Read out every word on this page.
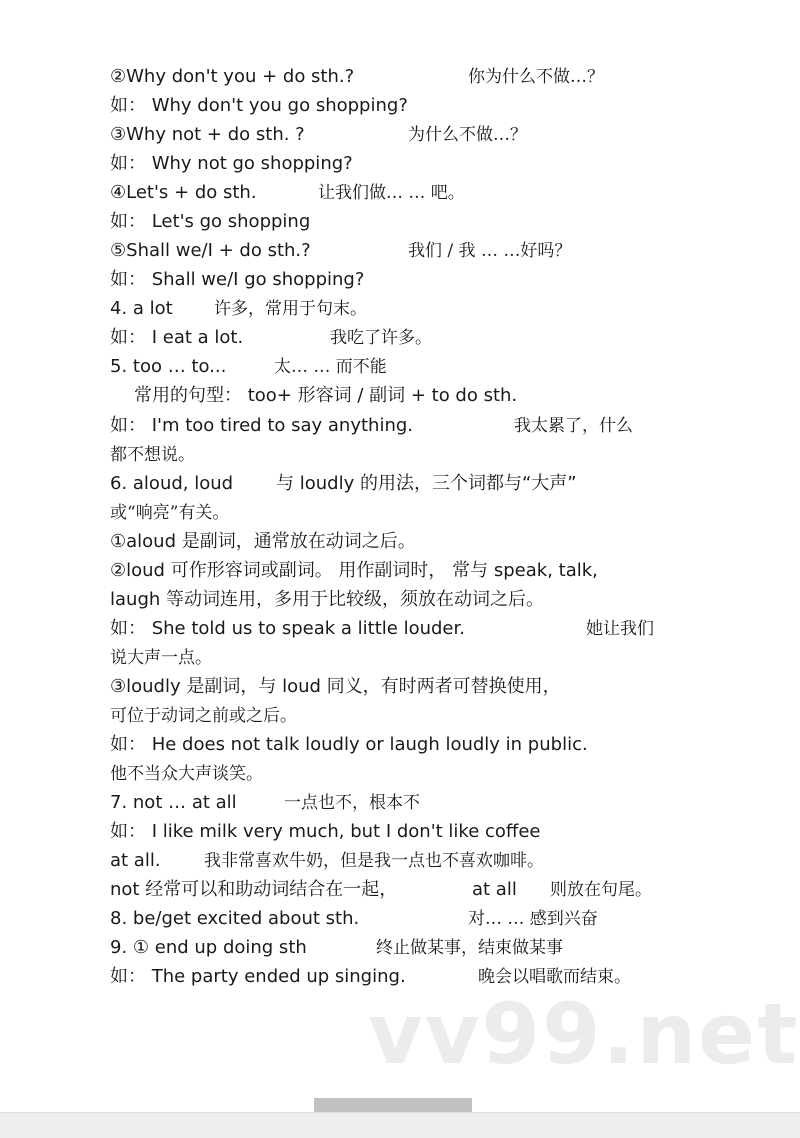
②Why don't you + do sth.?	你为什么不做…？
如： Why don't you go shopping?
③Why not + do sth. ?	为什么不做…？
如： Why not go shopping?
④Let's + do sth.	让我们做… … 吧。
如： Let's go shopping
⑤Shall we/I + do sth.?	我们 / 我 … …好吗？
如： Shall we/I go shopping?
4. a lot 许多，常用于句末。
如： I eat a lot.	我吃了许多。
5. too … to...	太… … 而不能
常用的句型： too+ 形容词 / 副词 + to do sth.
如： I'm too tired to say anything.	我太累了，什么
都不想说。
6. aloud, loud 与 loudly 的用法，三个词都与“大声”
或“响亮”有关。
①aloud 是副词，通常放在动词之后。
②loud 可作形容词或副词。 用作副词时， 常与 speak, talk,
laugh 等动词连用，多用于比较级，须放在动词之后。
如： She told us to speak a little louder.	她让我们
说大声一点。
③loudly 是副词，与 loud 同义，有时两者可替换使用，
可位于动词之前或之后。
如： He does not talk loudly or laugh loudly in public.
他不当众大声谈笑。
7. not … at all	一点也不，根本不
如： I like milk very much, but I don't like coffee
at all.	我非常喜欢牛奶，但是我一点也不喜欢咖啡。
not 经常可以和助动词结合在一起，	at all 则放在句尾。
8. be/get excited about sth.	对… … 感到兴奋
9. ① end up doing sth	终止做某事，结束做某事
如： The party ended up singing.	晚会以唱歌而结束。
vv99.net
